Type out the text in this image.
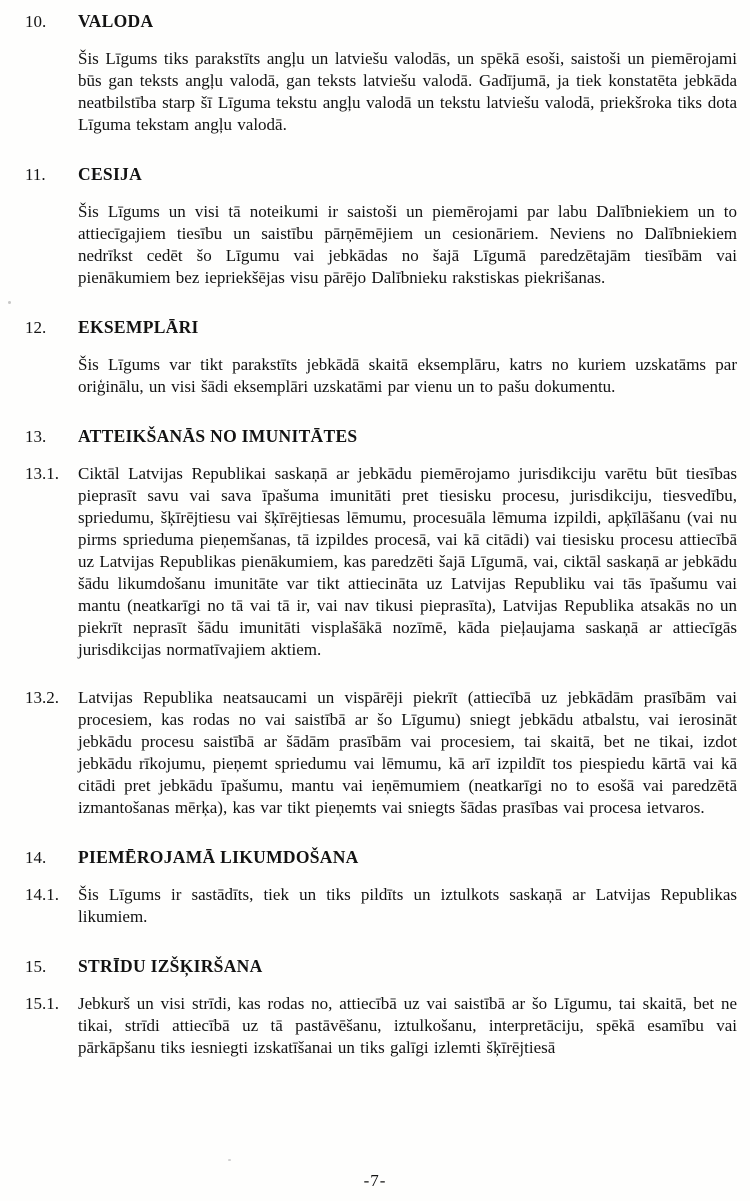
10.	VALODA

Šis Līgums tiks parakstīts angļu un latviešu valodās, un spēkā esoši, saistoši un piemērojami būs gan teksts angļu valodā, gan teksts latviešu valodā. Gadījumā, ja tiek konstatēta jebkāda neatbilstība starp šī Līguma tekstu angļu valodā un tekstu latviešu valodā, priekšroka tiks dota Līguma tekstam angļu valodā.

11.	CESIJA

Šis Līgums un visi tā noteikumi ir saistoši un piemērojami par labu Dalībniekiem un to attiecīgajiem tiesību un saistību pārņēmējiem un cesionāriem. Neviens no Dalībniekiem nedrīkst cedēt šo Līgumu vai jebkādas no šajā Līgumā paredzētajām tiesībām vai pienākumiem bez iepriekšējas visu pārējo Dalībnieku rakstiskas piekrišanas.

12.	EKSEMPLĀRI

Šis Līgums var tikt parakstīts jebkādā skaitā eksemplāru, katrs no kuriem uzskatāms par oriģinālu, un visi šādi eksemplāri uzskatāmi par vienu un to pašu dokumentu.

13.	ATTEIKŠANĀS NO IMUNITĀTES
13.1.	Ciktāl Latvijas Republikai saskaņā ar jebkādu piemērojamo jurisdikciju varētu būt tiesības pieprasīt savu vai sava īpašuma imunitāti pret tiesisku procesu, jurisdikciju, tiesvedību, spriedumu, šķīrējtiesu vai šķīrējtiesas lēmumu, procesuāla lēmuma izpildi, apķīlāšanu (vai nu pirms sprieduma pieņemšanas, tā izpildes procesā, vai kā citādi) vai tiesisku procesu attiecībā uz Latvijas Republikas pienākumiem, kas paredzēti šajā Līgumā, vai, ciktāl saskaņā ar jebkādu šādu likumdošanu imunitāte var tikt attiecināta uz Latvijas Republiku vai tās īpašumu vai mantu (neatkarīgi no tā vai tā ir, vai nav tikusi pieprasīta), Latvijas Republika atsakās no un piekrīt neprasīt šādu imunitāti visplašākā nozīmē, kāda pieļaujama saskaņā ar attiecīgās jurisdikcijas normatīvajiem aktiem.

13.2.	Latvijas Republika neatsaucami un vispārēji piekrīt (attiecībā uz jebkādām prasībām vai procesiem, kas rodas no vai saistībā ar šo Līgumu) sniegt jebkādu atbalstu, vai ierosināt jebkādu procesu saistībā ar šādām prasībām vai procesiem, tai skaitā, bet ne tikai, izdot jebkādu rīkojumu, pieņemt spriedumu vai lēmumu, kā arī izpildīt tos piespiedu kārtā vai kā citādi pret jebkādu īpašumu, mantu vai ieņēmumiem (neatkarīgi no to esošā vai paredzētā izmantošanas mērķa), kas var tikt pieņemts vai sniegts šādas prasības vai procesa ietvaros.

14.	PIEMĒROJAMĀ LIKUMDOŠANA
14.1.	Šis Līgums ir sastādīts, tiek un tiks pildīts un iztulkots saskaņā ar Latvijas Republikas likumiem.

15.	STRĪDU IZŠĶIRŠANA
15.1.	Jebkurš un visi strīdi, kas rodas no, attiecībā uz vai saistībā ar šo Līgumu, tai skaitā, bet ne tikai, strīdi attiecībā uz tā pastāvēšanu, iztulkošanu, interpretāciju, spēkā esamību vai pārkāpšanu tiks iesniegti izskatīšanai un tiks galīgi izlemti šķīrējtiesā

-7-
